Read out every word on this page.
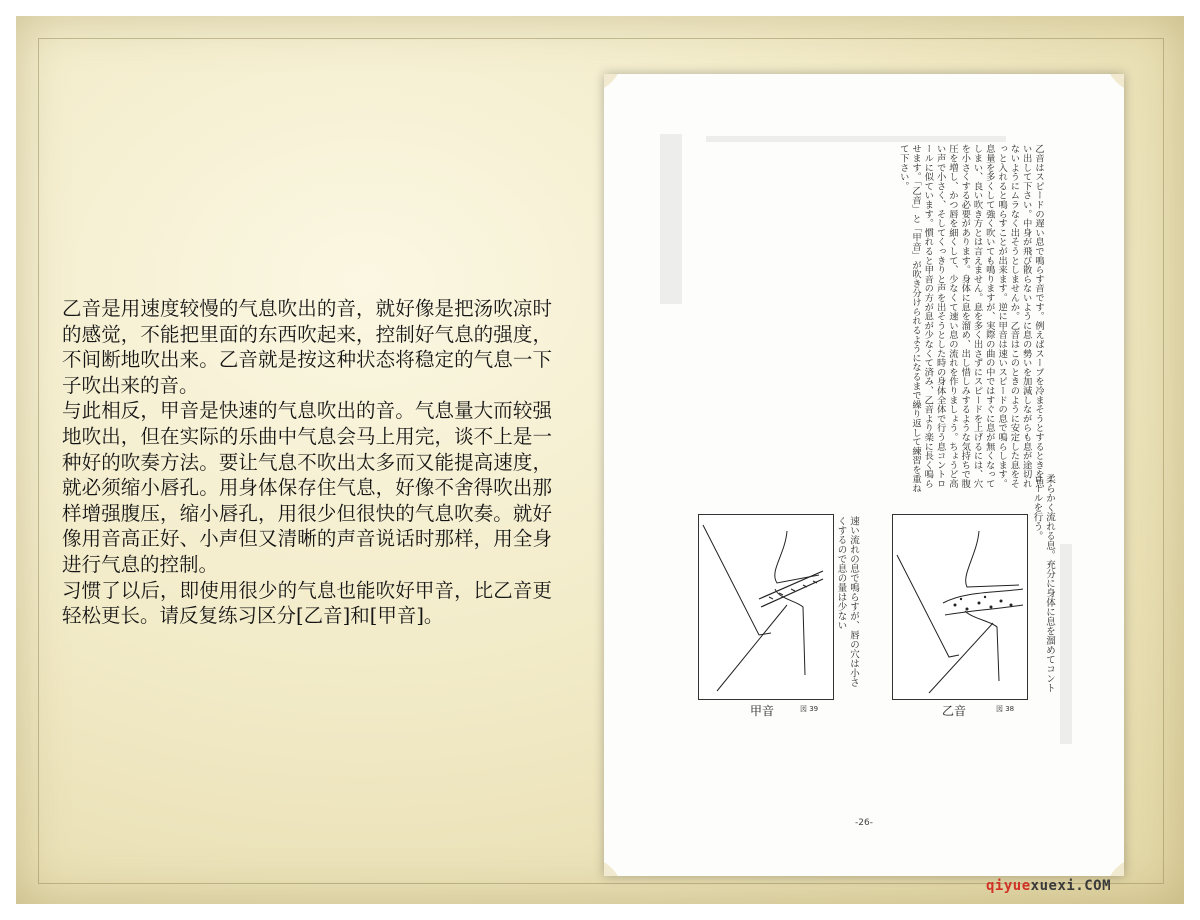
乙音是用速度较慢的气息吹出的音，就好像是把汤吹凉时的感觉，不能把里面的东西吹起来，控制好气息的强度，不间断地吹出来。乙音就是按这种状态将稳定的气息一下子吹出来的音。

与此相反，甲音是快速的气息吹出的音。气息量大而较强地吹出，但在实际的乐曲中气息会马上用完，谈不上是一种好的吹奏方法。要让气息不吹出太多而又能提高速度，就必须缩小唇孔。用身体保存住气息，好像不舍得吹出那样增强腹压，缩小唇孔，用很少但很快的气息吹奏。就好像用音高正好、小声但又清晰的声音说话时那样，用全身进行气息的控制。

习惯了以后，即使用很少的气息也能吹好甲音，比乙音更轻松更长。请反复练习区分[乙音]和[甲音]。

乙音はスピードの遅い息で鳴らす音です。例えばスープを冷まそうとするときを思い出して下さい。中身が飛び散らないように息の勢いを加減しながらも息が途切れないようにムラなく出そうとしませんか。乙音はこのときのように安定した息をそっと入れると鳴らすことが出来ます。逆に甲音は速いスピードの息で鳴らします。息量を多くして強く吹いても鳴りますが、実際の曲の中ではすぐに息が無くなってしまい、良い吹き方とは言えません。息を多く出さずにスピードを上げるには、穴を小さくする必要があります。身体に息を溜め、出し惜しみするような気持ちで腹圧を増し、かつ唇を細くして、少なくて速い息の流れを作りましょう。ちょうど高い声で小さく、そしてくっきりと声を出そうとした時の身体全体で行う息コントロールに似ています。慣れると甲音の方が息が少なくて済み、乙音より楽に長く鳴らせます。「乙音」と「甲音」が吹き分けられるようになるまで繰り返して練習を重ねて下さい。
甲音	図 39
速い流れの息で鳴らすが、唇の穴は小さくするので息の量は少ない
乙音	図 38
柔らかく流れる息。充分に身体に息を溜めてコントロールを行う。
-26-
qiyuexuexi.COM
